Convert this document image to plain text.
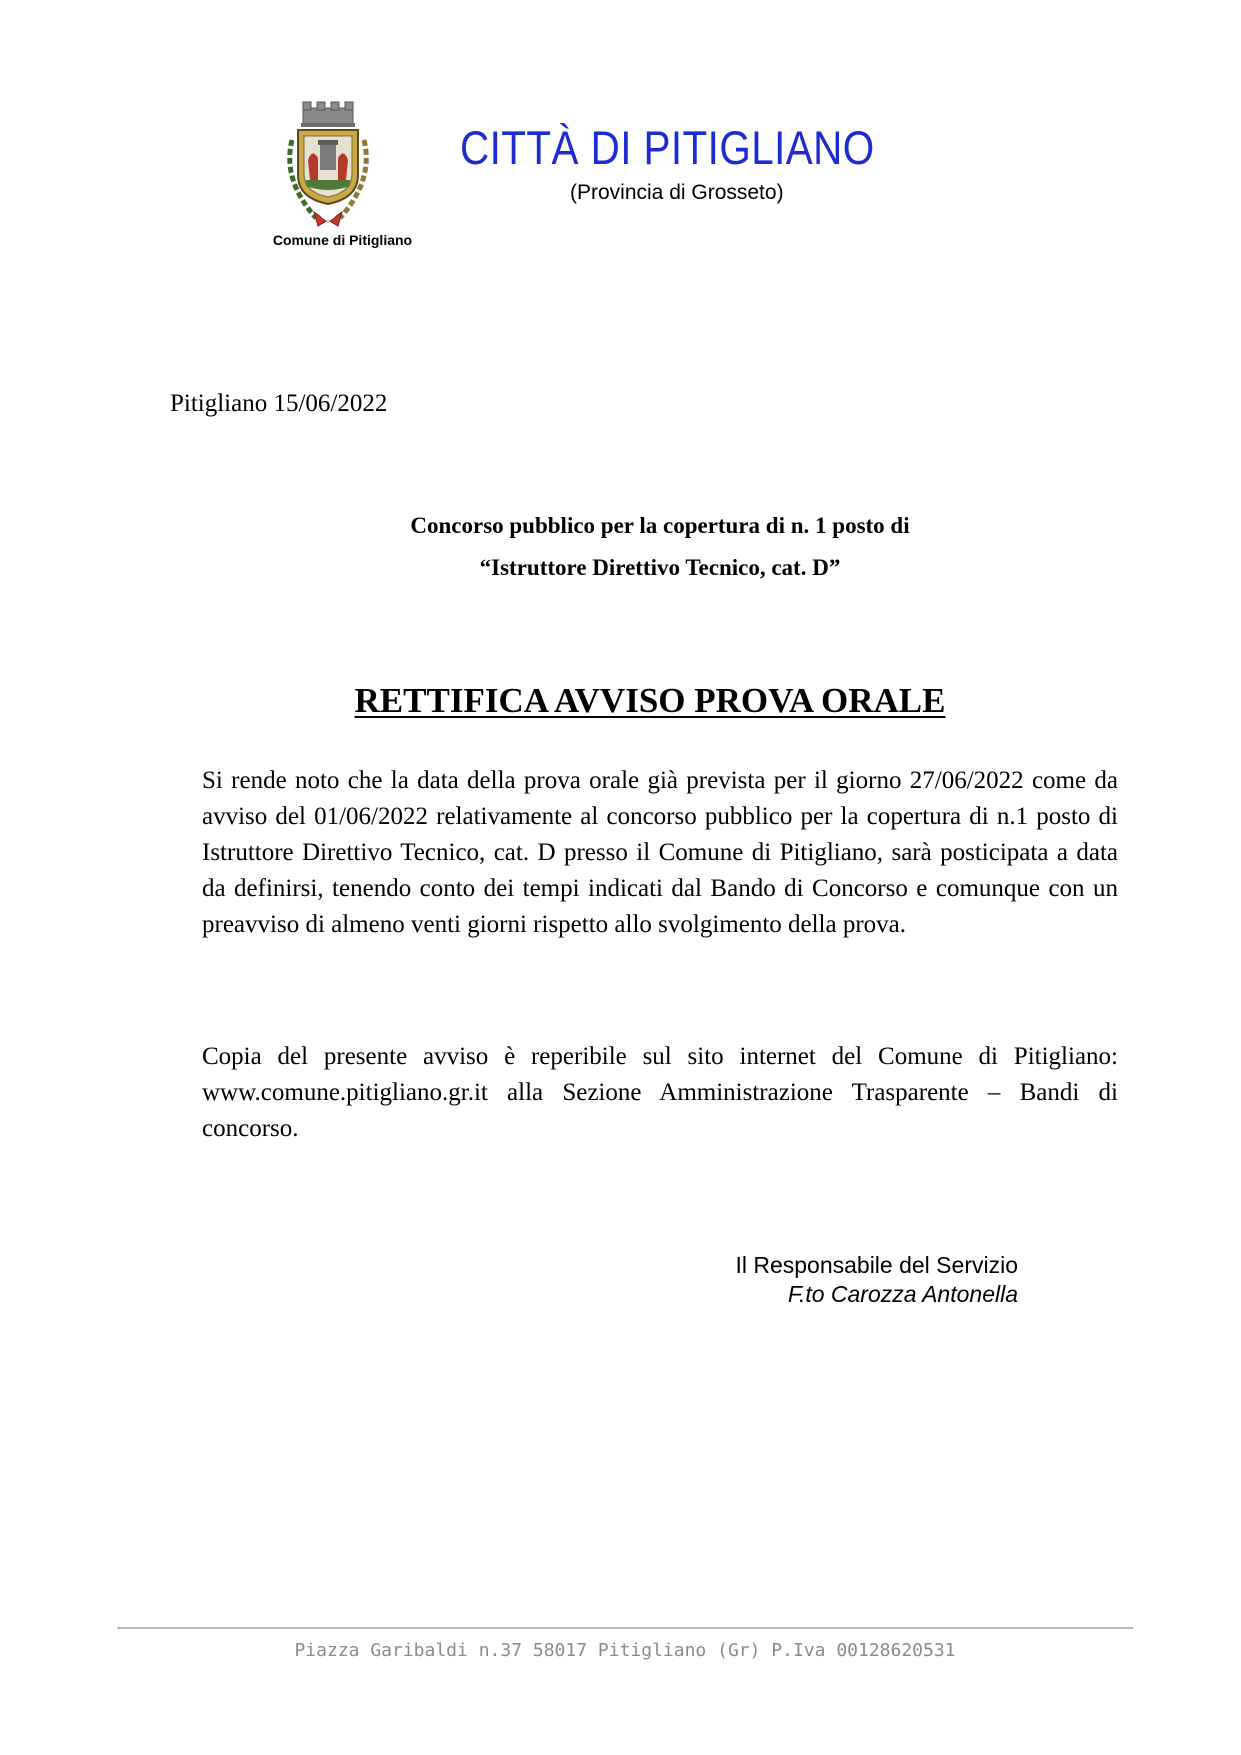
Comune di Pitigliano
CITTÀ DI PITIGLIANO
(Provincia di Grosseto)
Pitigliano 15/06/2022
Concorso pubblico per la copertura di n. 1 posto di
“Istruttore Direttivo Tecnico, cat. D”
RETTIFICA AVVISO PROVA ORALE
Si rende noto che la data della prova orale già prevista per il giorno 27/06/2022 come da avviso del 01/06/2022 relativamente al concorso pubblico per la copertura di n.1 posto di Istruttore Direttivo Tecnico, cat. D presso il Comune di Pitigliano, sarà posticipata a data da definirsi, tenendo conto dei tempi indicati dal Bando di Concorso e comunque con un preavviso di almeno venti giorni rispetto allo svolgimento della prova.
Copia del presente avviso è reperibile sul sito internet del Comune di Pitigliano: www.comune.pitigliano.gr.it alla Sezione Amministrazione Trasparente – Bandi di concorso.
Il Responsabile del Servizio
F.to Carozza Antonella
Piazza Garibaldi n.37 58017 Pitigliano (Gr) P.Iva 00128620531
